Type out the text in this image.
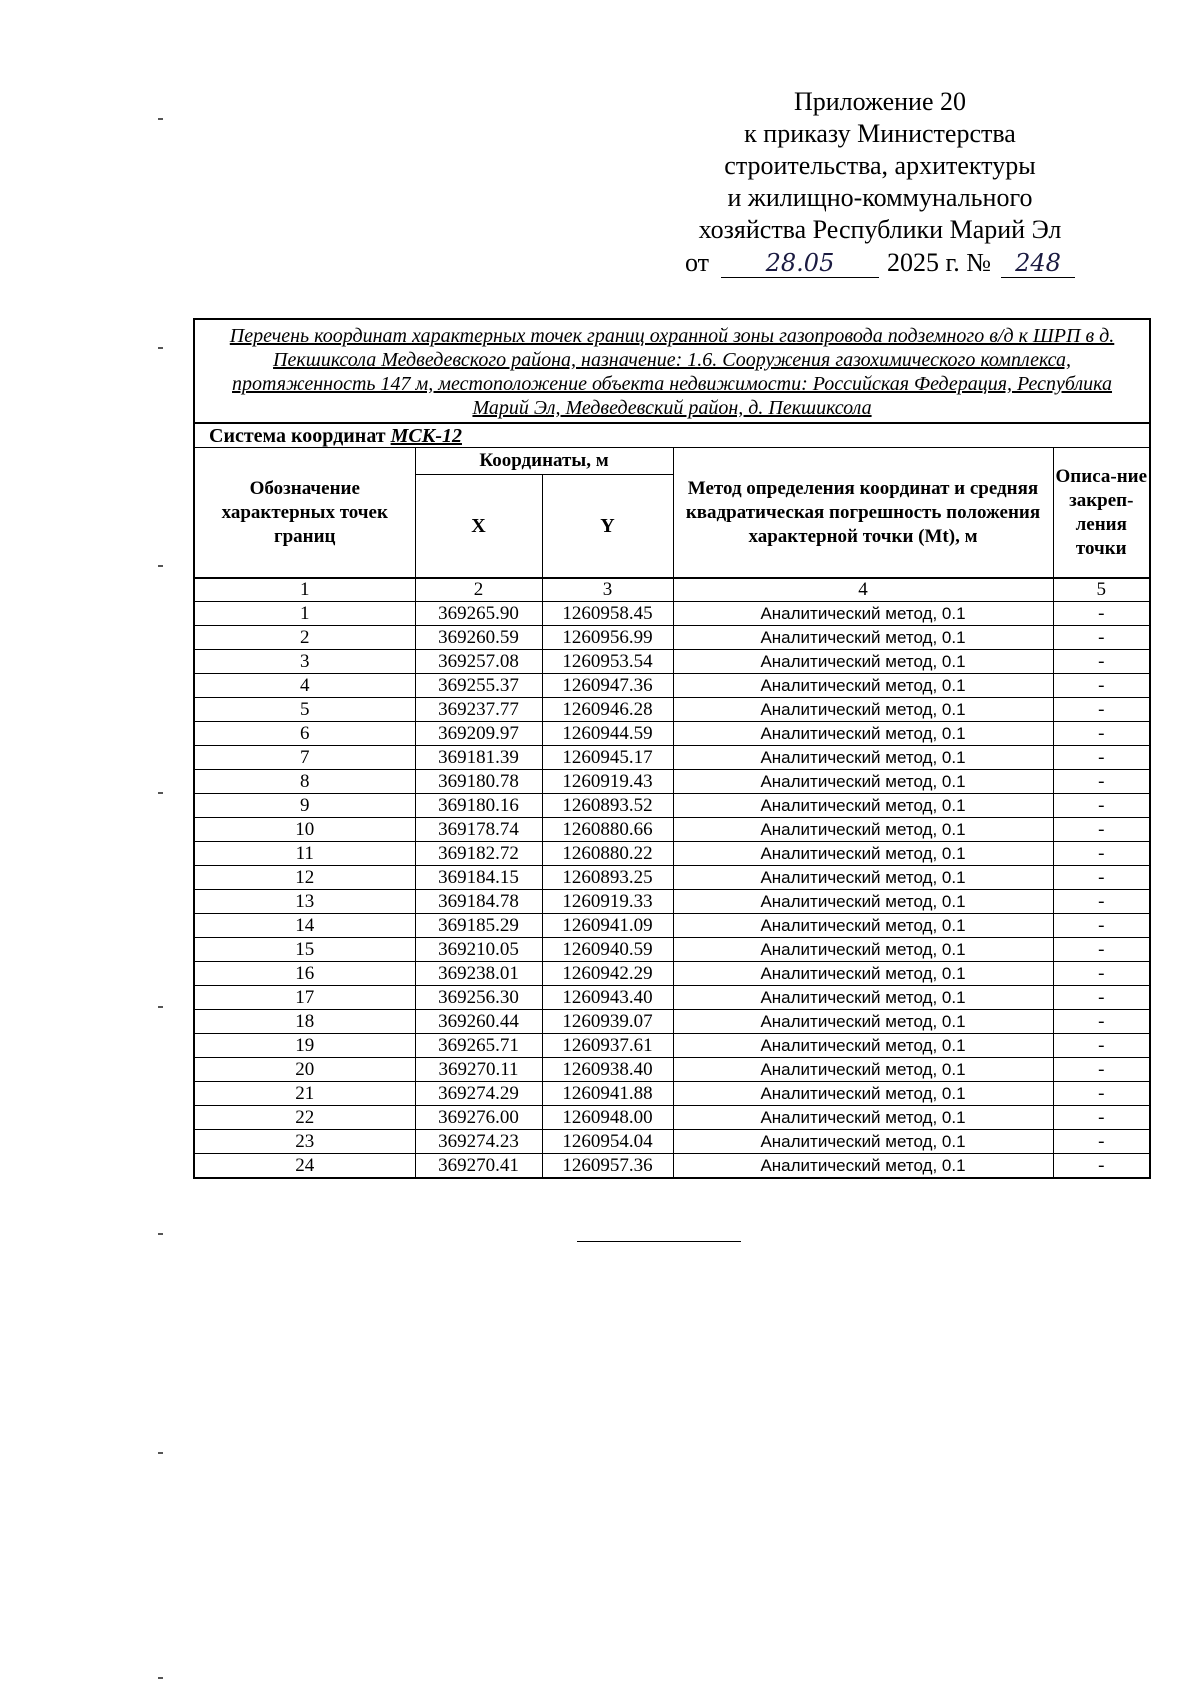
Приложение 20
к приказу Министерства
строительства, архитектуры
и жилищно-коммунального
хозяйства Республики Марий Эл
от	28.05	2025 г. №	248
Перечень координат характерных точек границ охранной зоны газопровода подземного в/д к ШРП в д. Пекшиксола Медведевского района, назначение: 1.6. Сооружения газохимического комплекса, протяженность 147 м, местоположение объекта недвижимости: Российская Федерация, Республика Марий Эл, Медведевский район, д. Пекшиксола				
Система координат МСК-12				
Обозначение характерных точек границ	Координаты, м		Метод определения координат и средняя квадратическая погрешность положения характерной точки (Mt), м	Описа-ние закреп-ления точки
	X	Y		
1	2	3	4	5
1	369265.90	1260958.45	Аналитический метод, 0.1	-
2	369260.59	1260956.99	Аналитический метод, 0.1	-
3	369257.08	1260953.54	Аналитический метод, 0.1	-
4	369255.37	1260947.36	Аналитический метод, 0.1	-
5	369237.77	1260946.28	Аналитический метод, 0.1	-
6	369209.97	1260944.59	Аналитический метод, 0.1	-
7	369181.39	1260945.17	Аналитический метод, 0.1	-
8	369180.78	1260919.43	Аналитический метод, 0.1	-
9	369180.16	1260893.52	Аналитический метод, 0.1	-
10	369178.74	1260880.66	Аналитический метод, 0.1	-
11	369182.72	1260880.22	Аналитический метод, 0.1	-
12	369184.15	1260893.25	Аналитический метод, 0.1	-
13	369184.78	1260919.33	Аналитический метод, 0.1	-
14	369185.29	1260941.09	Аналитический метод, 0.1	-
15	369210.05	1260940.59	Аналитический метод, 0.1	-
16	369238.01	1260942.29	Аналитический метод, 0.1	-
17	369256.30	1260943.40	Аналитический метод, 0.1	-
18	369260.44	1260939.07	Аналитический метод, 0.1	-
19	369265.71	1260937.61	Аналитический метод, 0.1	-
20	369270.11	1260938.40	Аналитический метод, 0.1	-
21	369274.29	1260941.88	Аналитический метод, 0.1	-
22	369276.00	1260948.00	Аналитический метод, 0.1	-
23	369274.23	1260954.04	Аналитический метод, 0.1	-
24	369270.41	1260957.36	Аналитический метод, 0.1	-
